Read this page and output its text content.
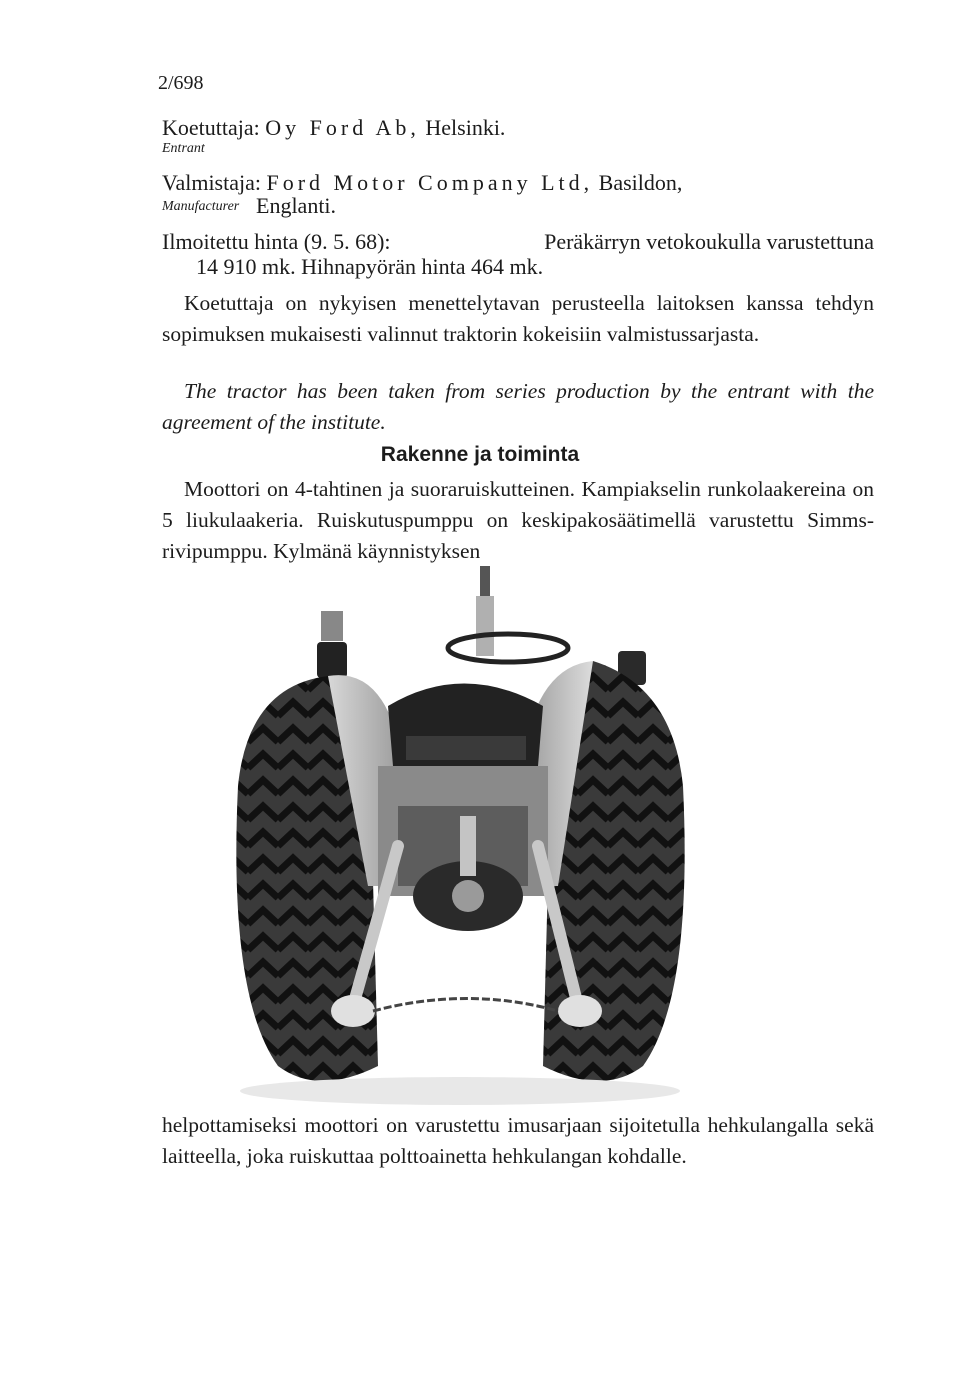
2/698
Koetuttaja: Oy Ford Ab, Helsinki.
Entrant
Valmistaja: Ford Motor Company Ltd, Basildon,
Manufacturer Englanti.
Ilmoitettu hinta (9. 5. 68):	Peräkärryn vetokoukulla varustettuna
14 910 mk. Hihnapyörän hinta 464 mk.
Koetuttaja on nykyisen menettelytavan perusteella laitoksen kanssa tehdyn sopimuksen mukaisesti valinnut traktorin kokeisiin valmistussarjasta.
The tractor has been taken from series production by the entrant with the agreement of the institute.
Rakenne ja toiminta
Moottori on 4-tahtinen ja suoraruiskutteinen. Kampiakselin runkolaakereina on 5 liukulaakeria. Ruiskutuspumppu on keskipakosäätimellä varustettu Simms-rivipumppu. Kylmänä käynnistyksen
helpottamiseksi moottori on varustettu imusarjaan sijoitetulla hehkulangalla sekä laitteella, joka ruiskuttaa polttoainetta hehkulangan kohdalle.
